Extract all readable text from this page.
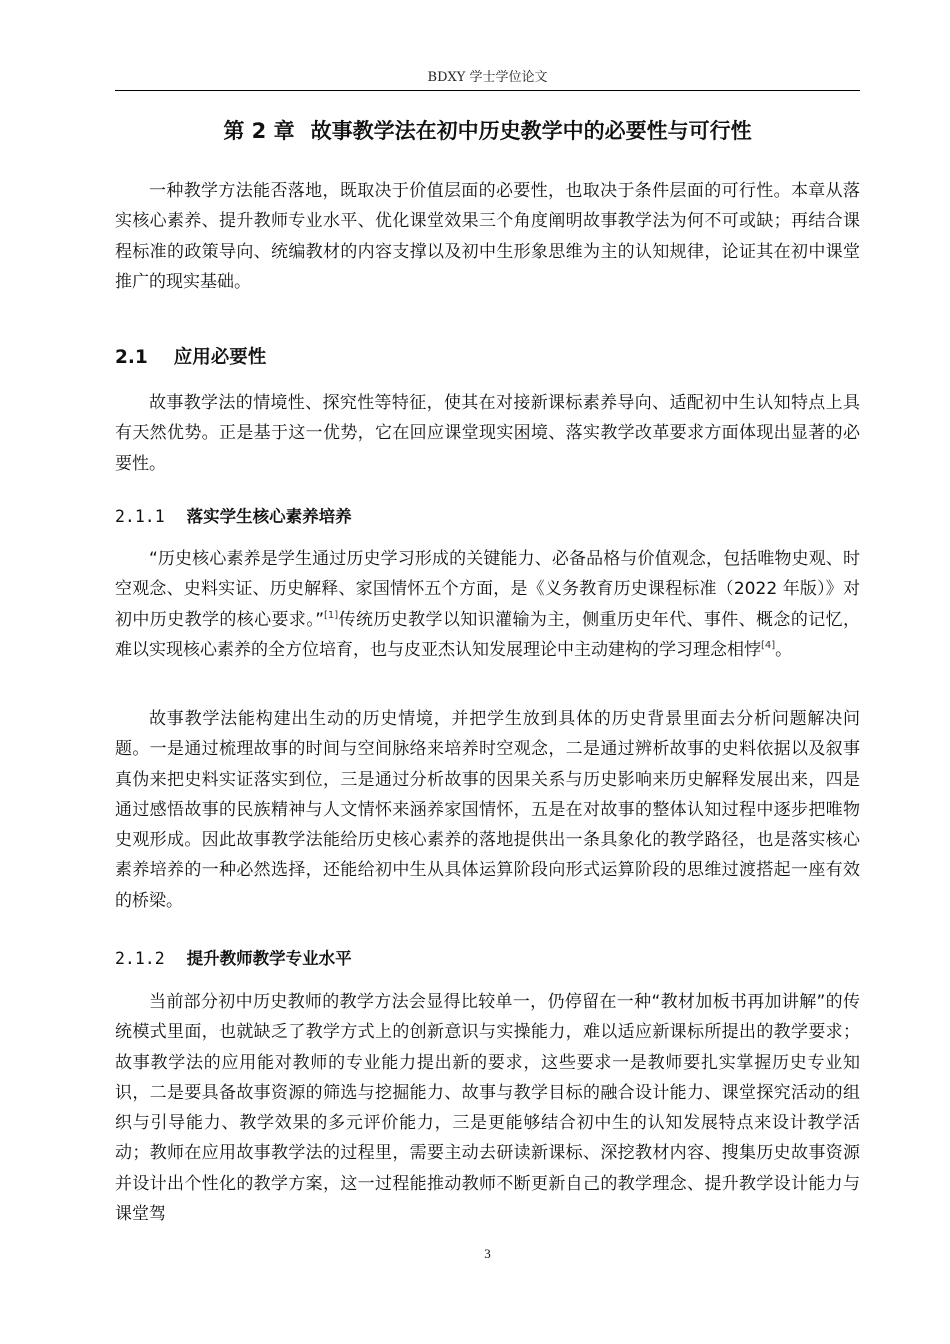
BDXY 学士学位论文
第 2 章 故事教学法在初中历史教学中的必要性与可行性

一种教学方法能否落地，既取决于价值层面的必要性，也取决于条件层面的可行性。本章从落实核心素养、提升教师专业水平、优化课堂效果三个角度阐明故事教学法为何不可或缺；再结合课程标准的政策导向、统编教材的内容支撑以及初中生形象思维为主的认知规律，论证其在初中课堂推广的现实基础。

2.1 应用必要性

故事教学法的情境性、探究性等特征，使其在对接新课标素养导向、适配初中生认知特点上具有天然优势。正是基于这一优势，它在回应课堂现实困境、落实教学改革要求方面体现出显著的必要性。

2.1.1 落实学生核心素养培养

“历史核心素养是学生通过历史学习形成的关键能力、必备品格与价值观念，包括唯物史观、时空观念、史料实证、历史解释、家国情怀五个方面，是《义务教育历史课程标准（2022 年版）》对初中历史教学的核心要求。”[1]传统历史教学以知识灌输为主，侧重历史年代、事件、概念的记忆，难以实现核心素养的全方位培育，也与皮亚杰认知发展理论中主动建构的学习理念相悖[4]。

故事教学法能构建出生动的历史情境，并把学生放到具体的历史背景里面去分析问题解决问题。一是通过梳理故事的时间与空间脉络来培养时空观念，二是通过辨析故事的史料依据以及叙事真伪来把史料实证落实到位，三是通过分析故事的因果关系与历史影响来历史解释发展出来，四是通过感悟故事的民族精神与人文情怀来涵养家国情怀，五是在对故事的整体认知过程中逐步把唯物史观形成。因此故事教学法能给历史核心素养的落地提供出一条具象化的教学路径，也是落实核心素养培养的一种必然选择，还能给初中生从具体运算阶段向形式运算阶段的思维过渡搭起一座有效的桥梁。

2.1.2 提升教师教学专业水平

当前部分初中历史教师的教学方法会显得比较单一，仍停留在一种“教材加板书再加讲解”的传统模式里面，也就缺乏了教学方式上的创新意识与实操能力，难以适应新课标所提出的教学要求；故事教学法的应用能对教师的专业能力提出新的要求，这些要求一是教师要扎实掌握历史专业知识，二是要具备故事资源的筛选与挖掘能力、故事与教学目标的融合设计能力、课堂探究活动的组织与引导能力、教学效果的多元评价能力，三是更能够结合初中生的认知发展特点来设计教学活动；教师在应用故事教学法的过程里，需要主动去研读新课标、深挖教材内容、搜集历史故事资源并设计出个性化的教学方案，这一过程能推动教师不断更新自己的教学理念、提升教学设计能力与课堂驾

3
